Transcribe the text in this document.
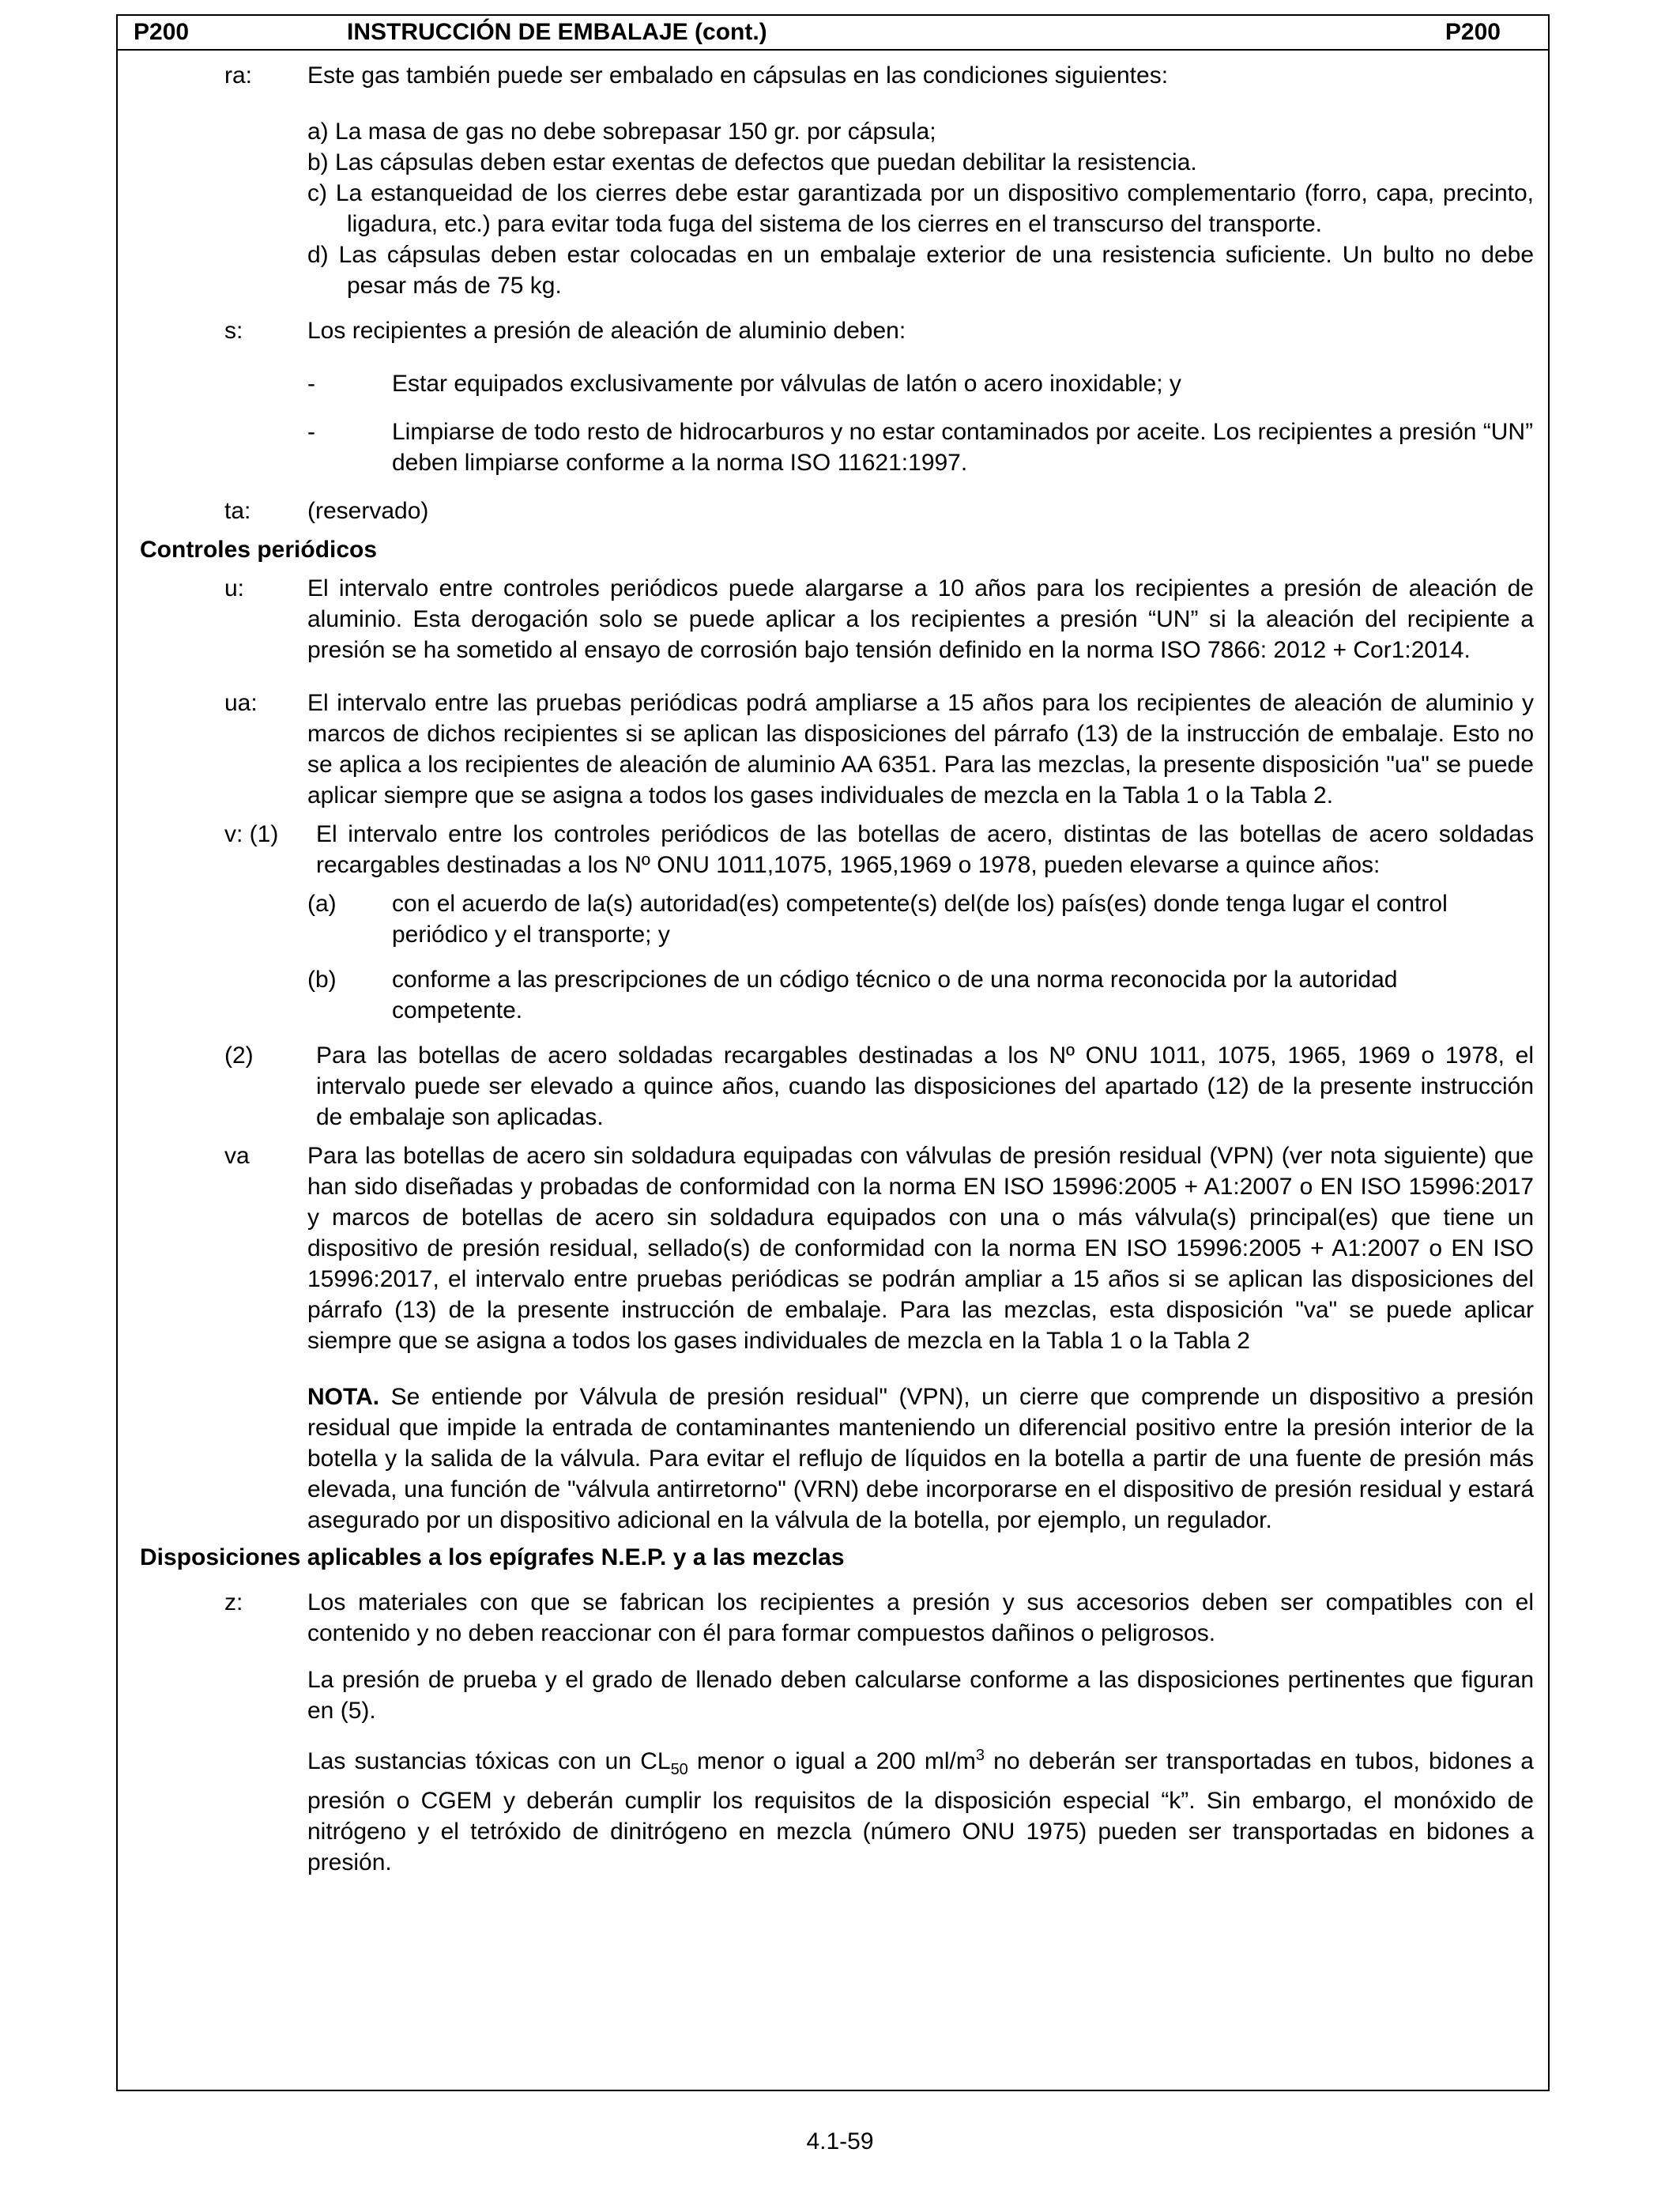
P200	INSTRUCCIÓN DE EMBALAJE (cont.)	P200
ra: Este gas también puede ser embalado en cápsulas en las condiciones siguientes:
a) La masa de gas no debe sobrepasar 150 gr. por cápsula;
b) Las cápsulas deben estar exentas de defectos que puedan debilitar la resistencia.
c) La estanqueidad de los cierres debe estar garantizada por un dispositivo complementario (forro, capa, precinto, ligadura, etc.) para evitar toda fuga del sistema de los cierres en el transcurso del transporte.
d) Las cápsulas deben estar colocadas en un embalaje exterior de una resistencia suficiente. Un bulto no debe pesar más de 75 kg.
s:	Los recipientes a presión de aleación de aluminio deben:
-	Estar equipados exclusivamente por válvulas de latón o acero inoxidable; y
-	Limpiarse de todo resto de hidrocarburos y no estar contaminados por aceite. Los recipientes a presión “UN” deben limpiarse conforme a la norma ISO 11621:1997.
ta: (reservado)
Controles periódicos
u:	El intervalo entre controles periódicos puede alargarse a 10 años para los recipientes a presión de aleación de aluminio. Esta derogación solo se puede aplicar a los recipientes a presión “UN” si la aleación del recipiente a presión se ha sometido al ensayo de corrosión bajo tensión definido en la norma ISO 7866: 2012 + Cor1:2014.
ua: El intervalo entre las pruebas periódicas podrá ampliarse a 15 años para los recipientes de aleación de aluminio y marcos de dichos recipientes si se aplican las disposiciones del párrafo (13) de la instrucción de embalaje. Esto no se aplica a los recipientes de aleación de aluminio AA 6351. Para las mezclas, la presente disposición "ua" se puede aplicar siempre que se asigna a todos los gases individuales de mezcla en la Tabla 1 o la Tabla 2.
v: (1) El intervalo entre los controles periódicos de las botellas de acero, distintas de las botellas de acero soldadas recargables destinadas a los Nº ONU 1011,1075, 1965,1969 o 1978, pueden elevarse a quince años:
(a) con el acuerdo de la(s) autoridad(es) competente(s) del(de los) país(es) donde tenga lugar el control periódico y el transporte; y
(b) conforme a las prescripciones de un código técnico o de una norma reconocida por la autoridad competente.
(2)	Para las botellas de acero soldadas recargables destinadas a los Nº ONU 1011, 1075, 1965, 1969 o 1978, el intervalo puede ser elevado a quince años, cuando las disposiciones del apartado (12) de la presente instrucción de embalaje son aplicadas.
va Para las botellas de acero sin soldadura equipadas con válvulas de presión residual (VPN) (ver nota siguiente) que han sido diseñadas y probadas de conformidad con la norma EN ISO 15996:2005 + A1:2007 o EN ISO 15996:2017 y marcos de botellas de acero sin soldadura equipados con una o más válvula(s) principal(es) que tiene un dispositivo de presión residual, sellado(s) de conformidad con la norma EN ISO 15996:2005 + A1:2007 o EN ISO 15996:2017, el intervalo entre pruebas periódicas se podrán ampliar a 15 años si se aplican las disposiciones del párrafo (13) de la presente instrucción de embalaje. Para las mezclas, esta disposición "va" se puede aplicar siempre que se asigna a todos los gases individuales de mezcla en la Tabla 1 o la Tabla 2
NOTA. Se entiende por Válvula de presión residual" (VPN), un cierre que comprende un dispositivo a presión residual que impide la entrada de contaminantes manteniendo un diferencial positivo entre la presión interior de la botella y la salida de la válvula. Para evitar el reflujo de líquidos en la botella a partir de una fuente de presión más elevada, una función de "válvula antirretorno" (VRN) debe incorporarse en el dispositivo de presión residual y estará asegurado por un dispositivo adicional en la válvula de la botella, por ejemplo, un regulador.
Disposiciones aplicables a los epígrafes N.E.P. y a las mezclas
z:	Los materiales con que se fabrican los recipientes a presión y sus accesorios deben ser compatibles con el contenido y no deben reaccionar con él para formar compuestos dañinos o peligrosos.
La presión de prueba y el grado de llenado deben calcularse conforme a las disposiciones pertinentes que figuran en (5).
Las sustancias tóxicas con un $CL_{50}$ menor o igual a 200 $ml/m^3$ no deberán ser transportadas en tubos, bidones a presión o CGEM y deberán cumplir los requisitos de la disposición especial “k”. Sin embargo, el monóxido de nitrógeno y el tetróxido de dinitrógeno en mezcla (número ONU 1975) pueden ser transportadas en bidones a presión.
4.1-59
